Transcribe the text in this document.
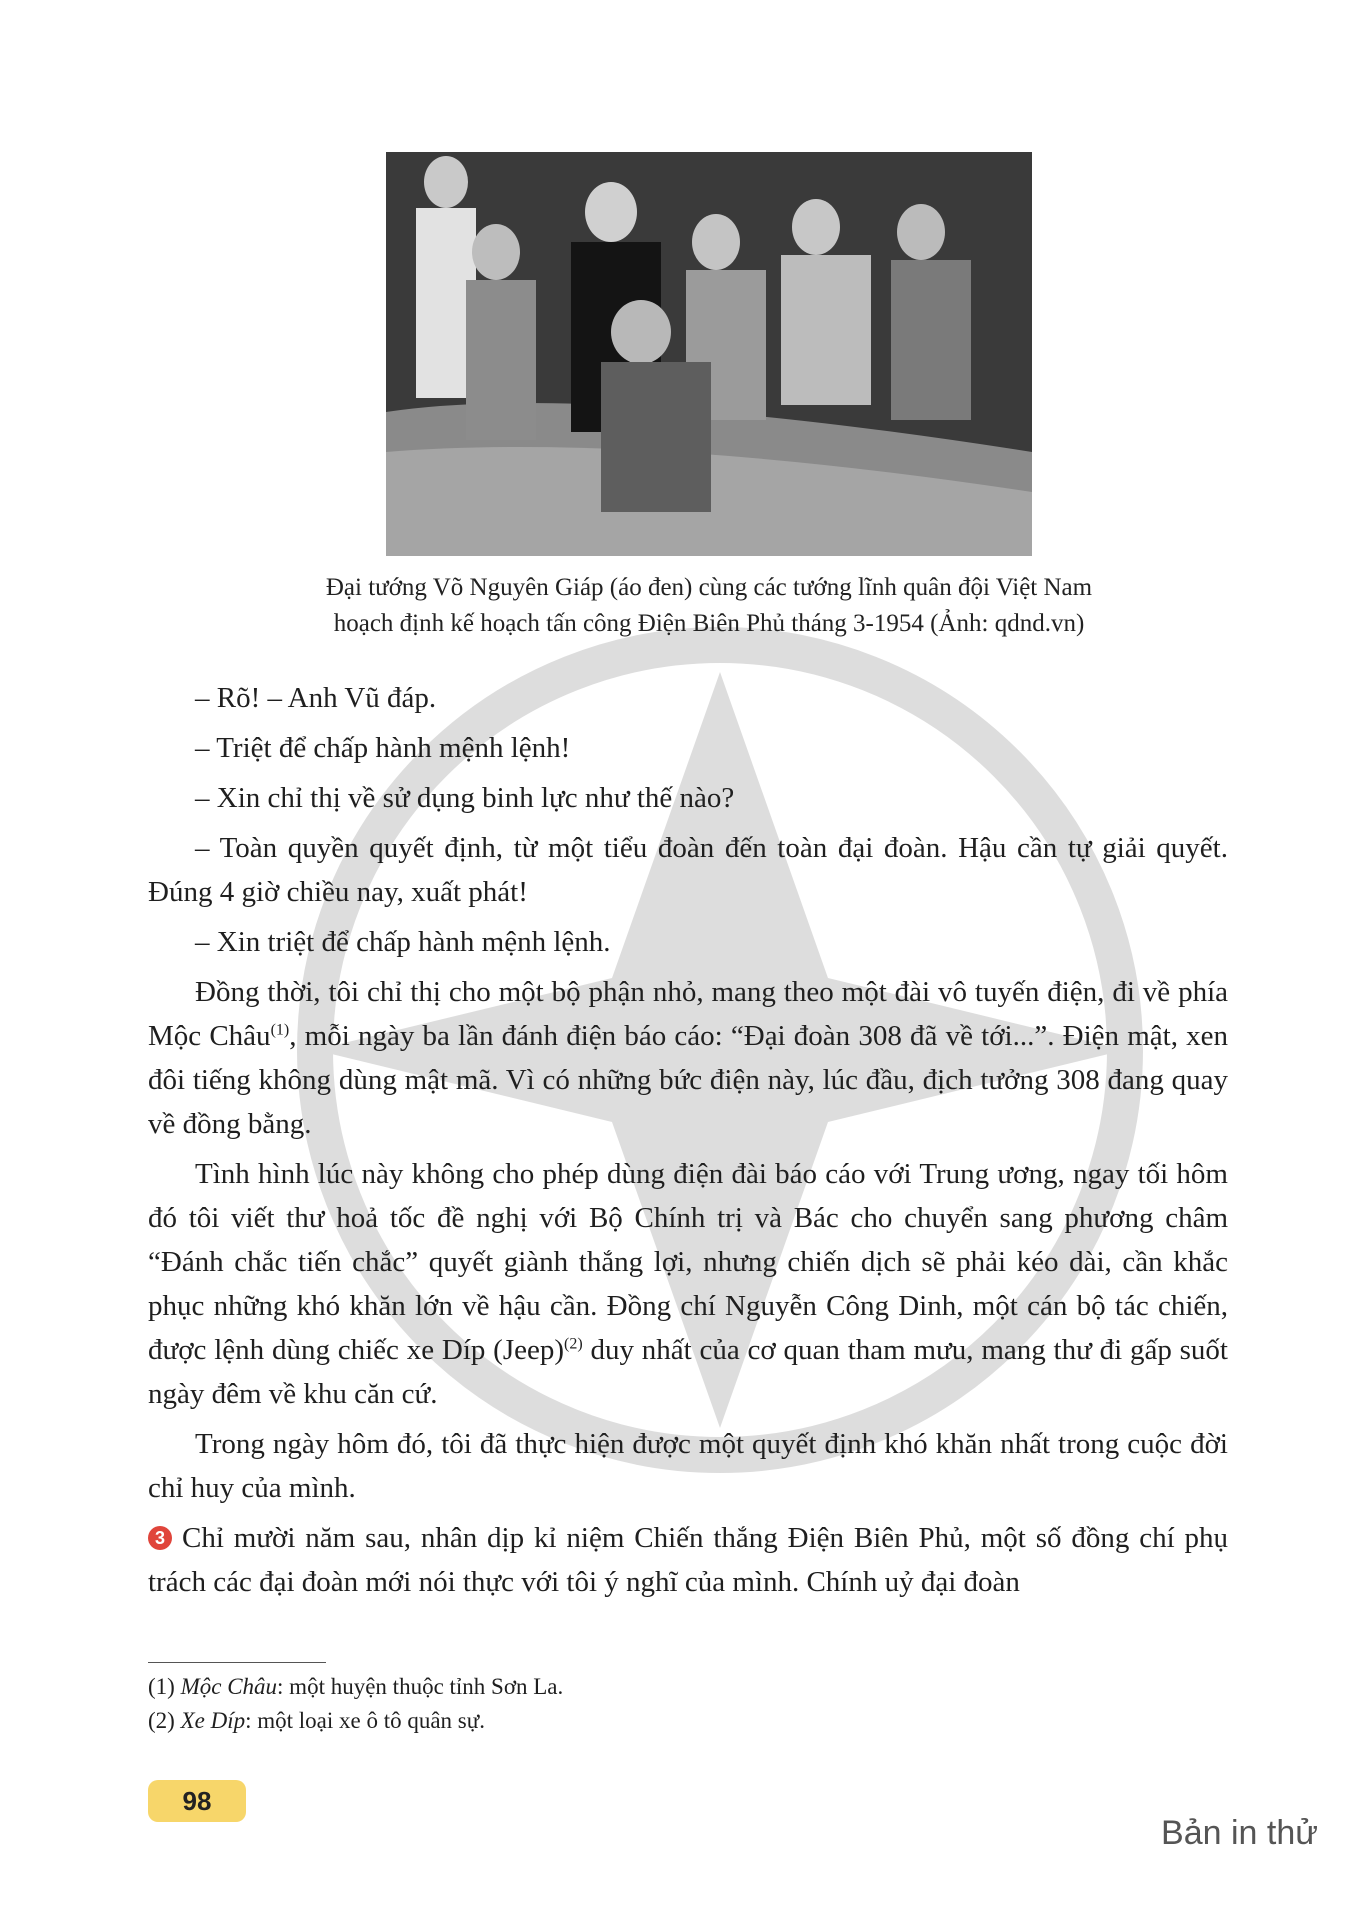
Đại tướng Võ Nguyên Giáp (áo đen) cùng các tướng lĩnh quân đội Việt Nam
hoạch định kế hoạch tấn công Điện Biên Phủ tháng 3-1954 (Ảnh: qdnd.vn)

– Rõ! – Anh Vũ đáp.

– Triệt để chấp hành mệnh lệnh!

– Xin chỉ thị về sử dụng binh lực như thế nào?

– Toàn quyền quyết định, từ một tiểu đoàn đến toàn đại đoàn. Hậu cần tự giải quyết. Đúng 4 giờ chiều nay, xuất phát!

– Xin triệt để chấp hành mệnh lệnh.

Đồng thời, tôi chỉ thị cho một bộ phận nhỏ, mang theo một đài vô tuyến điện, đi về phía Mộc Châu$^{(1)}$, mỗi ngày ba lần đánh điện báo cáo: “Đại đoàn 308 đã về tới...”. Điện mật, xen đôi tiếng không dùng mật mã. Vì có những bức điện này, lúc đầu, địch tưởng 308 đang quay về đồng bằng.

Tình hình lúc này không cho phép dùng điện đài báo cáo với Trung ương, ngay tối hôm đó tôi viết thư hoả tốc đề nghị với Bộ Chính trị và Bác cho chuyển sang phương châm “Đánh chắc tiến chắc” quyết giành thắng lợi, nhưng chiến dịch sẽ phải kéo dài, cần khắc phục những khó khăn lớn về hậu cần. Đồng chí Nguyễn Công Dinh, một cán bộ tác chiến, được lệnh dùng chiếc xe Díp (Jeep)$^{(2)}$ duy nhất của cơ quan tham mưu, mang thư đi gấp suốt ngày đêm về khu căn cứ.

Trong ngày hôm đó, tôi đã thực hiện được một quyết định khó khăn nhất trong cuộc đời chỉ huy của mình.

3 Chỉ mười năm sau, nhân dịp kỉ niệm Chiến thắng Điện Biên Phủ, một số đồng chí phụ trách các đại đoàn mới nói thực với tôi ý nghĩ của mình. Chính uỷ đại đoàn

(1) Mộc Châu: một huyện thuộc tỉnh Sơn La.
(2) Xe Díp: một loại xe ô tô quân sự.
98
Bản in thử
